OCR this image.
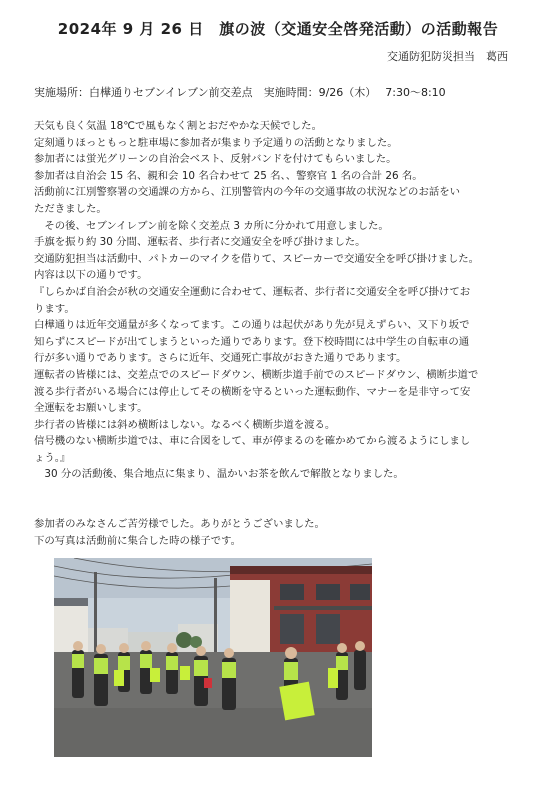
2024年 9 月 26 日　旗の波（交通安全啓発活動）の活動報告
交通防犯防災担当　葛西
実施場所：白樺通りセブンイレブン前交差点　実施時間：9/26（木）　 7:30～8:10

天気も良く気温 18℃で風もなく割とおだやかな天候でした。

定刻通りほっともっと駐車場に参加者が集まり予定通りの活動となりました。

参加者には蛍光グリーンの自治会ベスト、反射バンドを付けてもらいました。

参加者は自治会 15 名、親和会 10 名合わせて 25 名、、警察官 1 名の合計 26 名。

活動前に江別警察署の交通課の方から、江別警管内の今年の交通事故の状況などのお話をい

ただきました。

　その後、セブンイレブン前を除く交差点 3 カ所に分かれて用意しました。

手旗を振り約 30 分間、運転者、歩行者に交通安全を呼び掛けました。

交通防犯担当は活動中、パトカーのマイクを借りて、スピーカーで交通安全を呼び掛けました。

内容は以下の通りです。

『しらかば自治会が秋の交通安全運動に合わせて、運転者、歩行者に交通安全を呼び掛けてお

ります。

白樺通りは近年交通量が多くなってます。この通りは起伏があり先が見えずらい、又下り坂で

知らずにスピードが出てしまうといった通りであります。登下校時間には中学生の自転車の通

行が多い通りであります。さらに近年、交通死亡事故がおきた通りであります。

運転者の皆様には、交差点でのスピードダウン、横断歩道手前でのスピードダウン、横断歩道で

渡る歩行者がいる場合には停止してその横断を守るといった運転動作、マナーを是非守って安

全運転をお願いします。

歩行者の皆様には斜め横断はしない。なるべく横断歩道を渡る。

信号機のない横断歩道では、車に合図をして、車が停まるのを確かめてから渡るようにしまし

ょう。』

　30 分の活動後、集合地点に集まり、温かいお茶を飲んで解散となりました。

参加者のみなさんご苦労様でした。ありがとうございました。

下の写真は活動前に集合した時の様子です。
